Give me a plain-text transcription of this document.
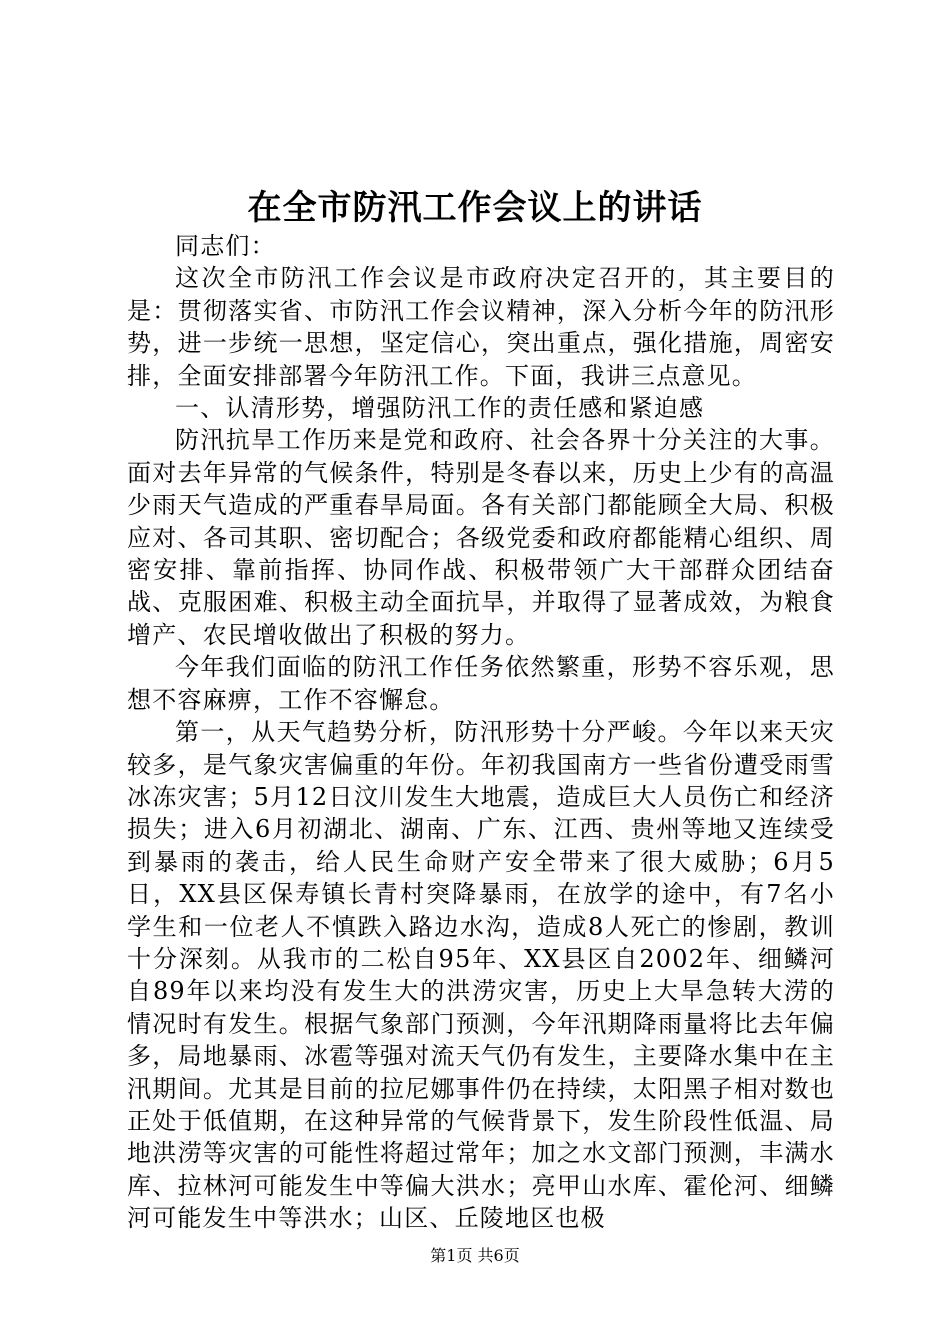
在全市防汛工作会议上的讲话

同志们：

这次全市防汛工作会议是市政府决定召开的，其主要目的是：贯彻落实省、市防汛工作会议精神，深入分析今年的防汛形势，进一步统一思想，坚定信心，突出重点，强化措施，周密安排，全面安排部署今年防汛工作。下面，我讲三点意见。

一、认清形势，增强防汛工作的责任感和紧迫感

防汛抗旱工作历来是党和政府、社会各界十分关注的大事。面对去年异常的气候条件，特别是冬春以来，历史上少有的高温少雨天气造成的严重春旱局面。各有关部门都能顾全大局、积极应对、各司其职、密切配合；各级党委和政府都能精心组织、周密安排、靠前指挥、协同作战、积极带领广大干部群众团结奋战、克服困难、积极主动全面抗旱，并取得了显著成效，为粮食增产、农民增收做出了积极的努力。

今年我们面临的防汛工作任务依然繁重，形势不容乐观，思想不容麻痹，工作不容懈怠。

第一，从天气趋势分析，防汛形势十分严峻。今年以来天灾较多，是气象灾害偏重的年份。年初我国南方一些省份遭受雨雪冰冻灾害；5月12日汶川发生大地震，造成巨大人员伤亡和经济损失；进入6月初湖北、湖南、广东、江西、贵州等地又连续受到暴雨的袭击，给人民生命财产安全带来了很大威胁；6月5日，XX县区保寿镇长青村突降暴雨，在放学的途中，有7名小学生和一位老人不慎跌入路边水沟，造成8人死亡的惨剧，教训十分深刻。从我市的二松自95年、XX县区自2002年、细鳞河自89年以来均没有发生大的洪涝灾害，历史上大旱急转大涝的情况时有发生。根据气象部门预测，今年汛期降雨量将比去年偏多，局地暴雨、冰雹等强对流天气仍有发生，主要降水集中在主汛期间。尤其是目前的拉尼娜事件仍在持续，太阳黑子相对数也正处于低值期，在这种异常的气候背景下，发生阶段性低温、局地洪涝等灾害的可能性将超过常年；加之水文部门预测，丰满水库、拉林河可能发生中等偏大洪水；亮甲山水库、霍伦河、细鳞河可能发生中等洪水；山区、丘陵地区也极

第1页 共6页
